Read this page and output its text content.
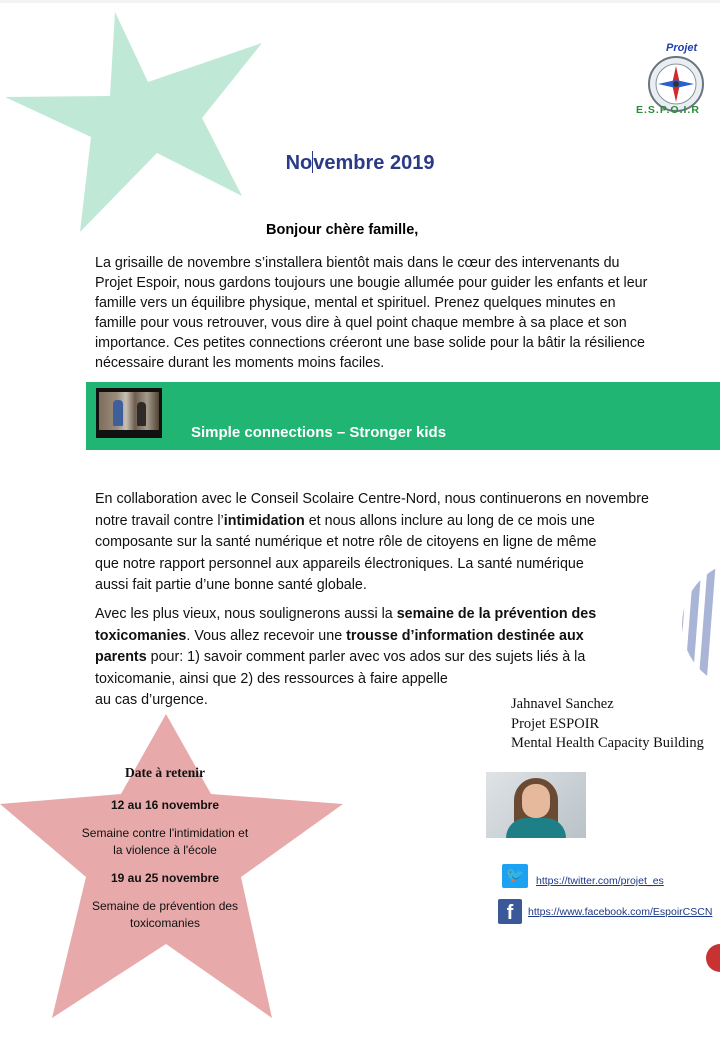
Projet
E.S.P.O.I.R
Novembre 2019
Bonjour chère famille,
La grisaille de novembre s’installera bientôt mais dans le cœur des intervenants du
Projet Espoir, nous gardons toujours une bougie allumée pour guider les enfants et leur
famille vers un équilibre physique, mental et spirituel. Prenez quelques minutes en
famille pour vous retrouver, vous dire à quel point chaque membre à sa place et son
importance. Ces petites connections créeront une base solide pour la bâtir la résilience
nécessaire durant les moments moins faciles.
Simple connections – Stronger kids
En collaboration avec le Conseil Scolaire Centre-Nord, nous continuerons en novembre
notre travail contre l’intimidation et nous allons inclure au long de ce mois une
composante sur la santé numérique et notre rôle de citoyens en ligne de même
que notre rapport personnel aux appareils électroniques. La santé numérique
aussi fait partie d’une bonne santé globale.
Avec les plus vieux, nous soulignerons aussi la semaine de la prévention des
toxicomanies. Vous allez recevoir une trousse d’information destinée aux
parents pour: 1) savoir comment parler avec vos ados sur des sujets liés à la
toxicomanie, ainsi que 2) des ressources à faire appelle
au cas d’urgence.	Jahnavel Sanchez
Projet ESPOIR
Mental Health Capacity Building
🐦	https://twitter.com/projet_es
f	https://www.facebook.com/EspoirCSCN
Date à retenir
12 au 16 novembre
Semaine contre l'intimidation et
la violence à l'école
19 au 25 novembre
Semaine de prévention des
toxicomanies
